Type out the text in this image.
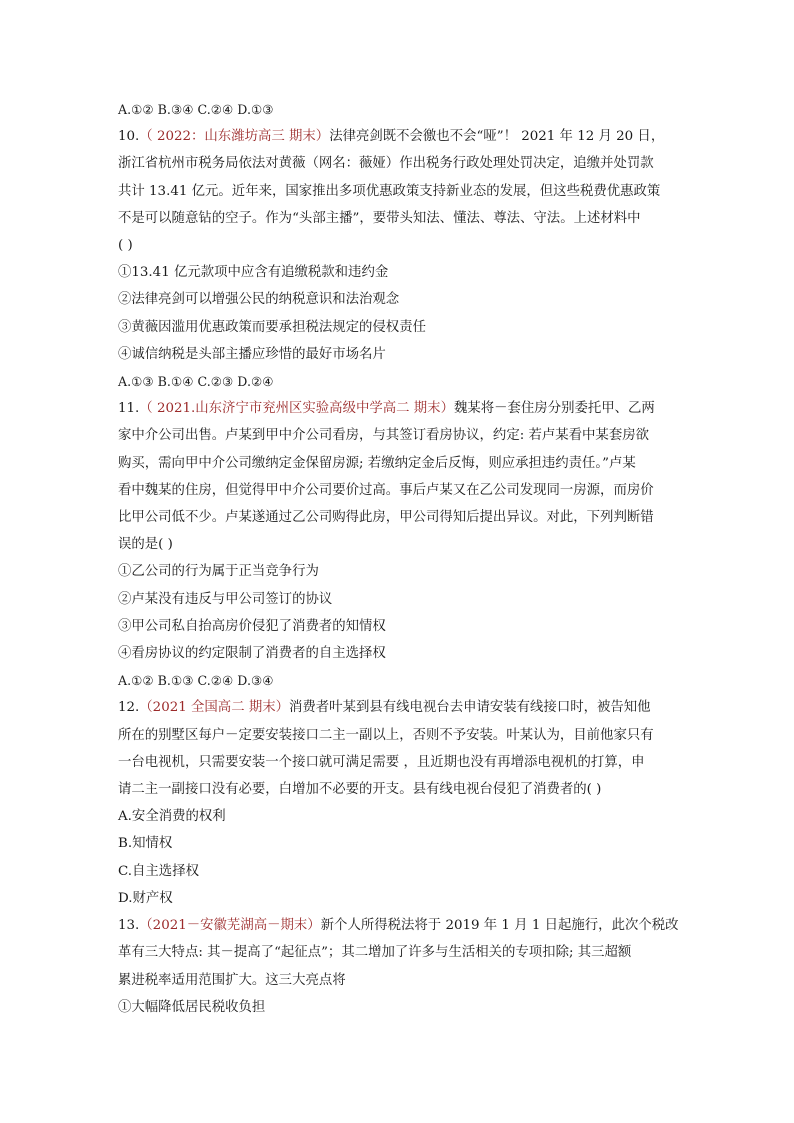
A.①② B.③④ C.②④ D.①③
10.（ 2022：山东潍坊高三 期末）法律亮剑既不会徼也不会“哑”！ 2021 年 12 月 20 日，
浙江省杭州市税务局依法对黄薇（网名：薇娅）作出税务行政处理处罚决定，追缴并处罚款
共计 13.41 亿元。近年来，国家推出多项优惠政策支持新业态的发展，但这些税费优惠政策
不是可以随意钻的空子。作为“头部主播”，要带头知法、懂法、尊法、守法。上述材料中
( )
①13.41 亿元款项中应含有追缴税款和违约金
②法律亮剑可以增强公民的纳税意识和法治观念
③黄薇因滥用优惠政策而要承担税法规定的侵权责任
④诚信纳税是头部主播应珍惜的最好市场名片
A.①③ B.①④ C.②③ D.②④
11.（ 2021.山东济宁市兖州区实验高级中学高二 期末）魏某将－套住房分别委托甲、乙两
家中介公司出售。卢某到甲中介公司看房，与其签订看房协议，约定: 若卢某看中某套房欲
购买，需向甲中介公司缴纳定金保留房源; 若缴纳定金后反悔，则应承担违约责任。”卢某
看中魏某的住房，但觉得甲中介公司要价过高。事后卢某又在乙公司发现同一房源，而房价
比甲公司低不少。卢某遂通过乙公司购得此房，甲公司得知后提出异议。对此，下列判断错
误的是( )
①乙公司的行为属于正当竞争行为
②卢某没有违反与甲公司签订的协议
③甲公司私自抬高房价侵犯了消费者的知情权
④看房协议的约定限制了消费者的自主选择权
A.①② B.①③ C.②④ D.③④
12.（2021 全国高二 期末）消费者叶某到县有线电视台去申请安装有线接口时，被告知他
所在的别墅区每户－定要安装接口二主一副以上，否则不予安装。叶某认为，目前他家只有
一台电视机，只需要安装一个接口就可满足需要 ，且近期也没有再增添电视机的打算，申
请二主一副接口没有必要，白增加不必要的开支。县有线电视台侵犯了消费者的( )
A.安全消费的权利
B.知情权
C.自主选择权
D.财产权
13.（2021－安徽芜湖高－期末）新个人所得税法将于 2019 年 1 月 1 日起施行，此次个税改
革有三大特点: 其－提高了“起征点”；其二增加了许多与生活相关的专项扣除; 其三超额
累进税率适用范围扩大。这三大亮点将
①大幅降低居民税收负担
